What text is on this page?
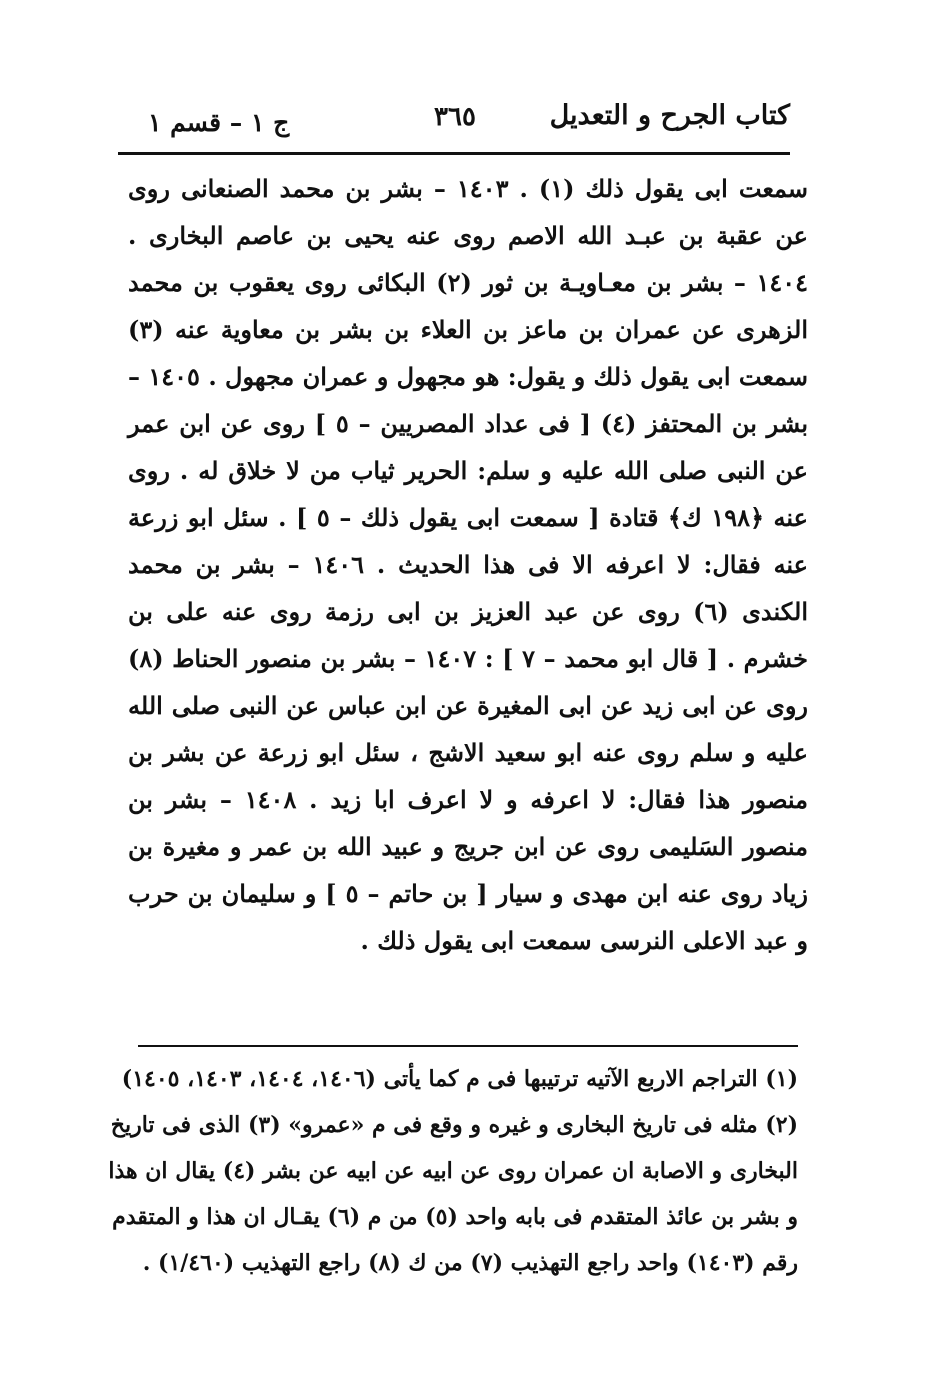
كتاب الجرح و التعديل
٣٦٥
ج ١ – قسم ١
سمعت ابى يقول ذلك (١) . ١٤٠٣ – بشر بن محمد الصنعانى روى عن عقبة بن عبـد الله الاصم روى عنه يحيى بن عاصم البخارى . ١٤٠٤ – بشر بن معـاويـة بن ثور (٢) البكائى روى يعقوب بن محمد الزهرى عن عمران بن ماعز بن العلاء بن بشر بن معاوية عنه (٣) سمعت ابى يقول ذلك و يقول: هو مجهول و عمران مجهول . ١٤٠٥ – بشر بن المحتفز (٤) [ فى عداد المصريين – ٥ ] روى عن ابن عمر عن النبى صلى الله عليه و سلم: الحرير ثياب من لا خلاق له . روى عنه ﴿١٩٨ ك﴾ قتادة [ سمعت ابى يقول ذلك – ٥ ] . سئل ابو زرعة عنه فقال: لا اعرفه الا فى هذا الحديث . ١٤٠٦ – بشر بن محمد الكندى (٦) روى عن عبد العزيز بن ابى رزمة روى عنه على بن خشرم . [ قال ابو محمد – ٧ ] : ١٤٠٧ – بشر بن منصور الحناط (٨) روى عن ابى زيد عن ابى المغيرة عن ابن عباس عن النبى صلى الله عليه و سلم روى عنه ابو سعيد الاشج ، سئل ابو زرعة عن بشر بن منصور هذا فقال: لا اعرفه و لا اعرف ابا زيد . ١٤٠٨ – بشر بن منصور السَليمى روى عن ابن جريج و عبيد الله بن عمر و مغيرة بن زياد روى عنه ابن مهدى و سيار [ بن حاتم – ٥ ] و سليمان بن حرب و عبد الاعلى النرسى سمعت ابى يقول ذلك .
(١) التراجم الاربع الآتيه ترتيبها فى م كما يأتى (١٤٠٦، ١٤٠٤، ١٤٠٣، ١٤٠٥)
(٢) مثله فى تاريخ البخارى و غيره و وقع فى م «عمرو» (٣) الذى فى تاريخ
البخارى و الاصابة ان عمران روى عن ابيه عن ابيه عن بشر (٤) يقال ان هذا
و بشر بن عائذ المتقدم فى بابه واحد (٥) من م (٦) يقـال ان هذا و المتقدم
رقم (١٤٠٣) واحد راجع التهذيب (٧) من ك (٨) راجع التهذيب (١/٤٦٠) .
